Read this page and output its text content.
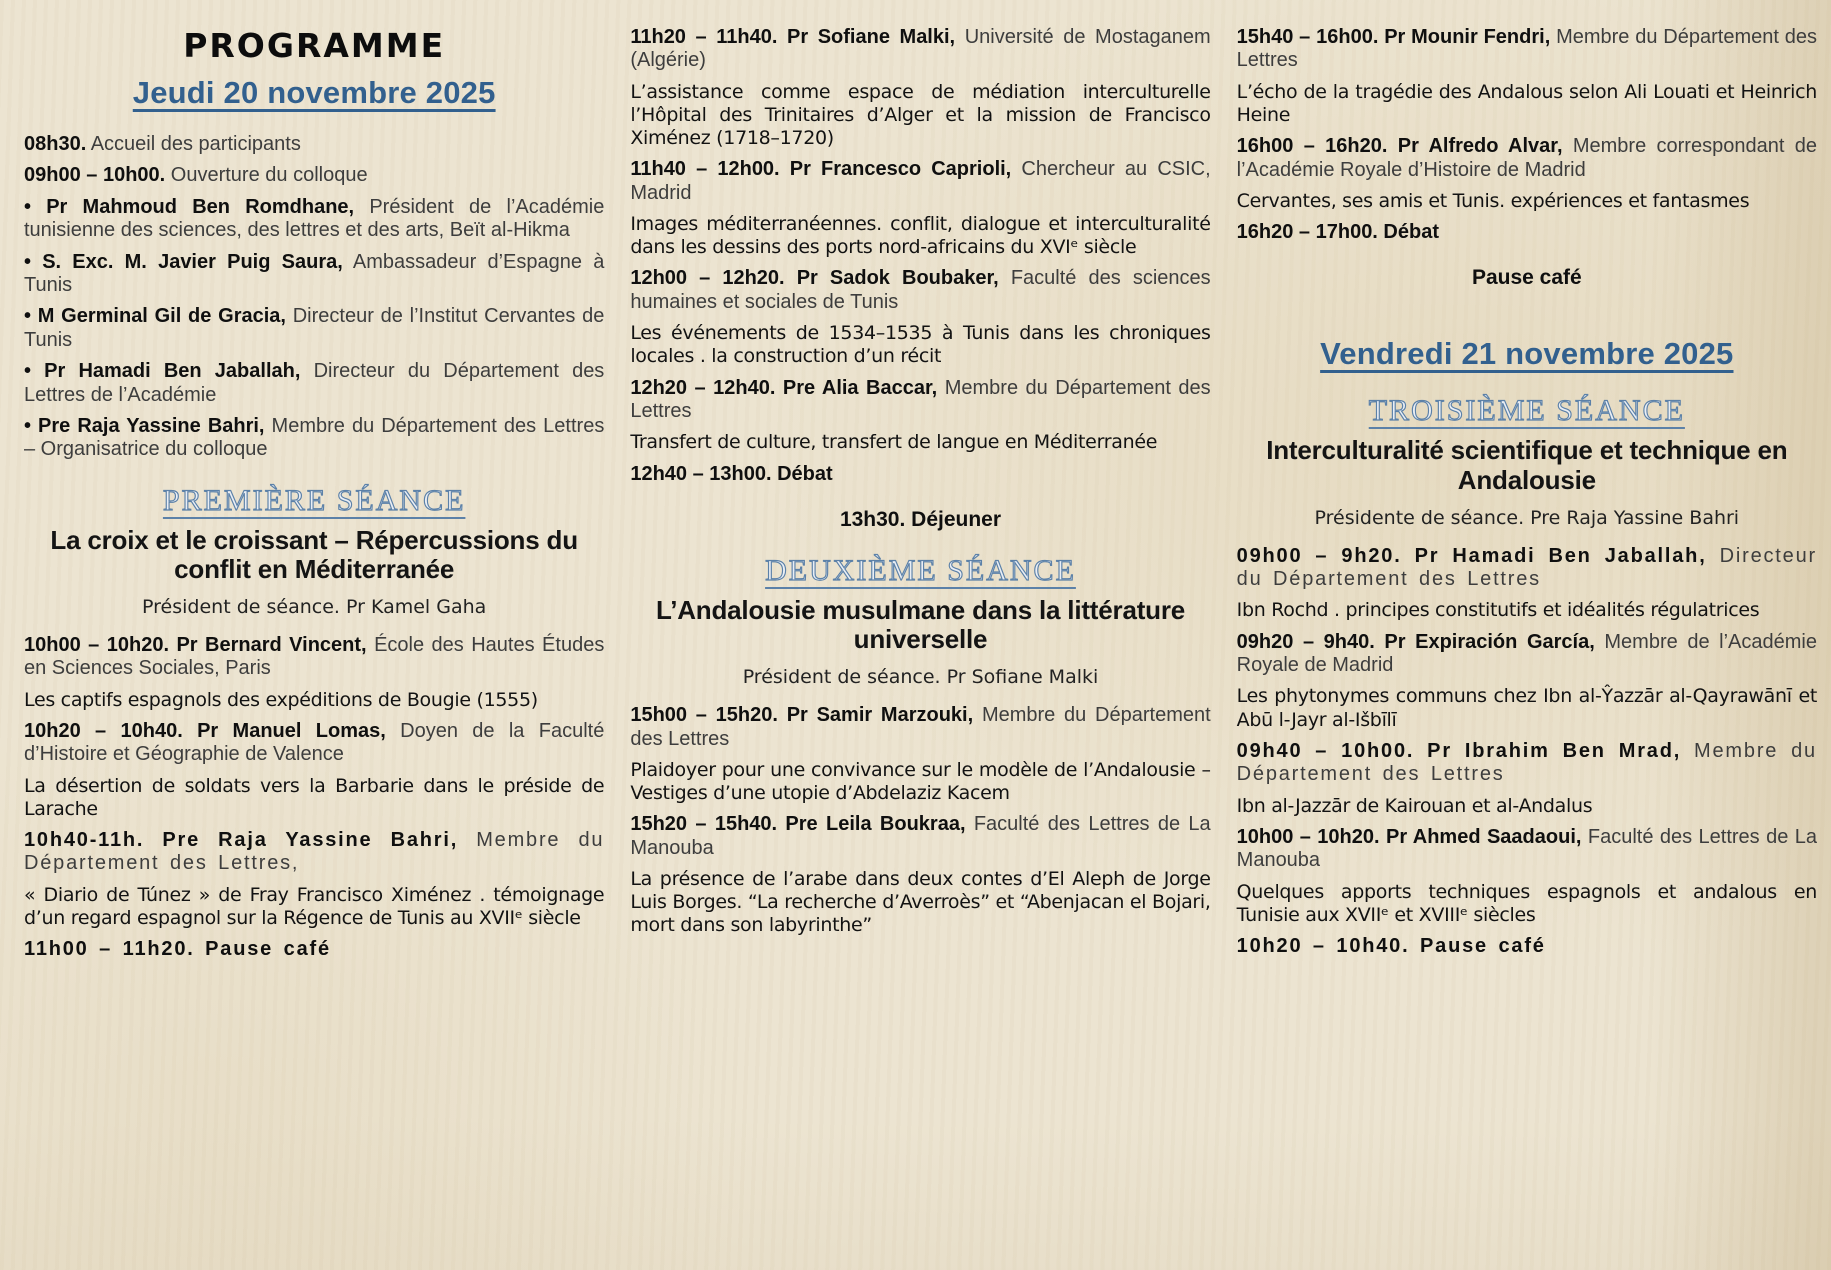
PROGRAMME
Jeudi 20 novembre 2025

08h30. Accueil des participants

09h00 – 10h00. Ouverture du colloque

• Pr Mahmoud Ben Romdhane, Président de l’Académie tunisienne des sciences, des lettres et des arts, Beït al-Hikma

• S. Exc. M. Javier Puig Saura, Ambassadeur d’Espagne à Tunis

• M Germinal Gil de Gracia, Directeur de l’Institut Cervantes de Tunis

• Pr Hamadi Ben Jaballah, Directeur du Département des Lettres de l’Académie

• Pre Raja Yassine Bahri, Membre du Département des Lettres – Organisatrice du colloque

PREMIÈRE SÉANCE

La croix et le croissant – Répercussions du conflit en Méditerranée

Président de séance. Pr Kamel Gaha

10h00 – 10h20. Pr Bernard Vincent, École des Hautes Études en Sciences Sociales, Paris

Les captifs espagnols des expéditions de Bougie (1555)

10h20 – 10h40. Pr Manuel Lomas, Doyen de la Faculté d’Histoire et Géographie de Valence

La désertion de soldats vers la Barbarie dans le préside de Larache

10h40-11h. Pre Raja Yassine Bahri, Membre du Département des Lettres,

« Diario de Túnez » de Fray Francisco Ximénez . témoignage d’un regard espagnol sur la Régence de Tunis au XVIIᵉ siècle

11h00 – 11h20. Pause café

11h20 – 11h40. Pr Sofiane Malki, Université de Mostaganem (Algérie)

L’assistance comme espace de médiation interculturelle l’Hôpital des Trinitaires d’Alger et la mission de Francisco Ximénez (1718–1720)

11h40 – 12h00. Pr Francesco Caprioli, Chercheur au CSIC, Madrid

Images méditerranéennes. conflit, dialogue et interculturalité dans les dessins des ports nord-africains du XVIᵉ siècle

12h00 – 12h20. Pr Sadok Boubaker, Faculté des sciences humaines et sociales de Tunis

Les événements de 1534–1535 à Tunis dans les chroniques locales . la construction d’un récit

12h20 – 12h40. Pre Alia Baccar, Membre du Département des Lettres

Transfert de culture, transfert de langue en Méditerranée

12h40 – 13h00. Débat

13h30. Déjeuner

DEUXIÈME SÉANCE

L’Andalousie musulmane dans la littérature universelle

Président de séance. Pr Sofiane Malki

15h00 – 15h20. Pr Samir Marzouki, Membre du Département des Lettres

Plaidoyer pour une convivance sur le modèle de l’Andalousie – Vestiges d’une utopie d’Abdelaziz Kacem

15h20 – 15h40. Pre Leila Boukraa, Faculté des Lettres de La Manouba

La présence de l’arabe dans deux contes d’El Aleph de Jorge Luis Borges. “La recherche d’Averroès” et “Abenjacan el Bojari, mort dans son labyrinthe”

15h40 – 16h00. Pr Mounir Fendri, Membre du Département des Lettres

L’écho de la tragédie des Andalous selon Ali Louati et Heinrich Heine

16h00 – 16h20. Pr Alfredo Alvar, Membre correspondant de l’Académie Royale d’Histoire de Madrid

Cervantes, ses amis et Tunis. expériences et fantasmes

16h20 – 17h00. Débat

Pause café

Vendredi 21 novembre 2025

TROISIÈME SÉANCE

Interculturalité scientifique et technique en Andalousie

Présidente de séance. Pre Raja Yassine Bahri

09h00 – 9h20. Pr Hamadi Ben Jaballah, Directeur du Département des Lettres

Ibn Rochd . principes constitutifs et idéalités régulatrices

09h20 – 9h40. Pr Expiración García, Membre de l’Académie Royale de Madrid

Les phytonymes communs chez Ibn al-Ŷazzār al-Qayrawānī et Abū l-Jayr al-Išbīlī

09h40 – 10h00. Pr Ibrahim Ben Mrad, Membre du Département des Lettres

Ibn al-Jazzār de Kairouan et al-Andalus

10h00 – 10h20. Pr Ahmed Saadaoui, Faculté des Lettres de La Manouba

Quelques apports techniques espagnols et andalous en Tunisie aux XVIIᵉ et XVIIIᵉ siècles

10h20 – 10h40. Pause café
